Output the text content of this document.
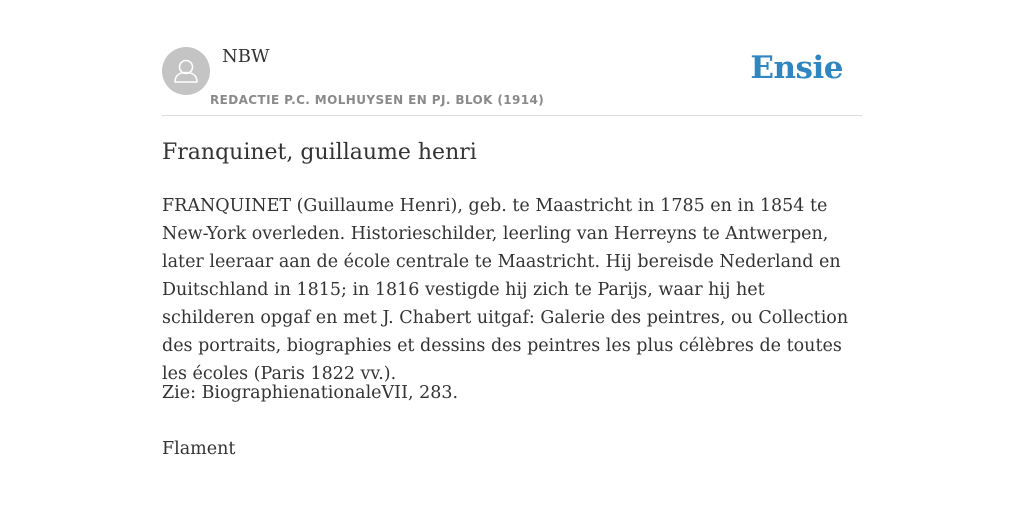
NBW
REDACTIE P.C. MOLHUYSEN EN PJ. BLOK (1914)
Ensie
Franquinet, guillaume henri

FRANQUINET (Guillaume Henri), geb. te Maastricht in 1785 en in 1854 te New-York overleden. Historieschilder, leerling van Herreyns te Antwerpen, later leeraar aan de école centrale te Maastricht. Hij bereisde Nederland en Duitschland in 1815; in 1816 vestigde hij zich te Parijs, waar hij het schilderen opgaf en met J. Chabert uitgaf: Galerie des peintres, ou Collection des portraits, biographies et dessins des peintres les plus célèbres de toutes les écoles (Paris 1822 vv.).

Zie: BiographienationaleVII, 283.

Flament
